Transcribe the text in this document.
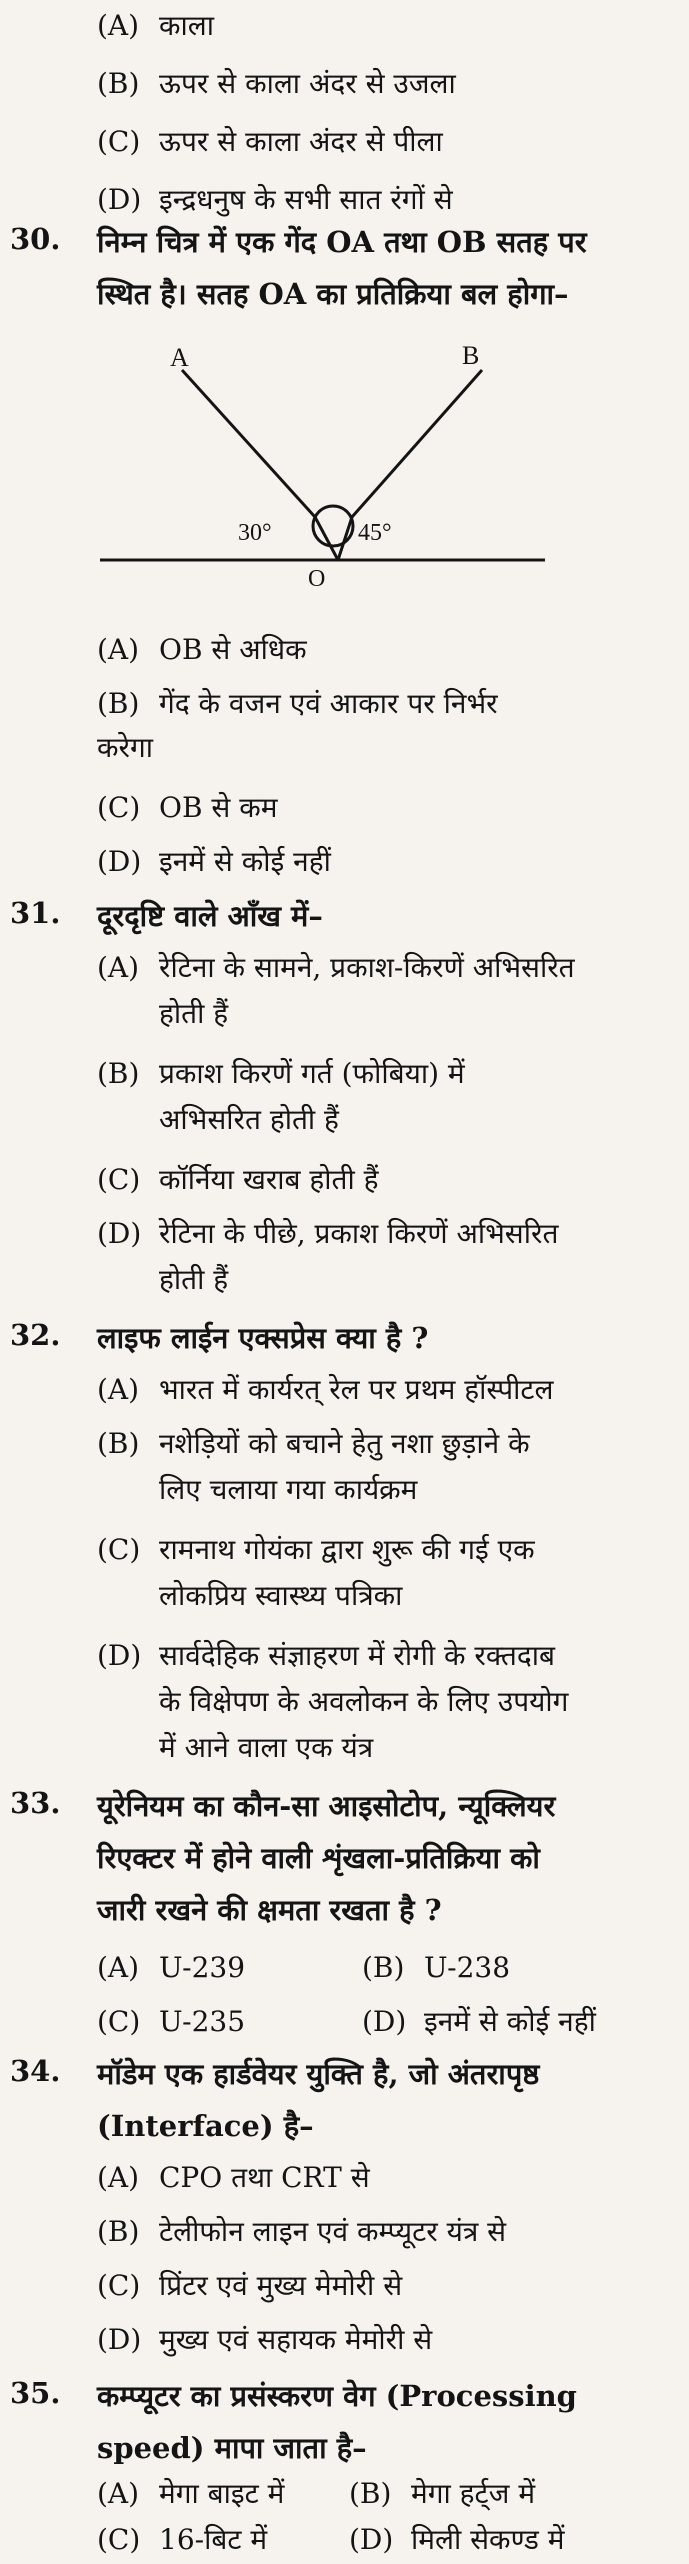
(A) काला
(B) ऊपर से काला अंदर से उजला
(C) ऊपर से काला अंदर से पीला
(D) इन्द्रधनुष के सभी सात रंगों से
30. निम्न चित्र में एक गेंद OA तथा OB सतह पर
स्थित है। सतह OA का प्रतिक्रिया बल होगा–
A	B
30°	45°
O
(A) OB से अधिक
(B) गेंद के वजन एवं आकार पर निर्भर
करेगा
(C) OB से कम
(D) इनमें से कोई नहीं
31. दूरदृष्टि वाले आँख में–
(A) रेटिना के सामने, प्रकाश-किरणें अभिसरित
होती हैं
(B) प्रकाश किरणें गर्त (फोबिया) में
अभिसरित होती हैं
(C) कॉर्निया खराब होती हैं
(D) रेटिना के पीछे, प्रकाश किरणें अभिसरित
होती हैं
32. लाइफ लाईन एक्सप्रेस क्या है ?
(A) भारत में कार्यरत् रेल पर प्रथम हॉस्पीटल
(B) नशेड़ियों को बचाने हेतु नशा छुड़ाने के
लिए चलाया गया कार्यक्रम
(C) रामनाथ गोयंका द्वारा शुरू की गई एक
लोकप्रिय स्वास्थ्य पत्रिका
(D) सार्वदेहिक संज्ञाहरण में रोगी के रक्तदाब
के विक्षेपण के अवलोकन के लिए उपयोग
में आने वाला एक यंत्र
33. यूरेनियम का कौन-सा आइसोटोप, न्यूक्लियर
रिएक्टर में होने वाली शृंखला-प्रतिक्रिया को
जारी रखने की क्षमता रखता है ?
(A) U-239	(B) U-238
(C) U-235	(D) इनमें से कोई नहीं
34. मॉडेम एक हार्डवेयर युक्ति है, जो अंतरापृष्ठ
(Interface) है–
(A) CPO तथा CRT से
(B) टेलीफोन लाइन एवं कम्प्यूटर यंत्र से
(C) प्रिंटर एवं मुख्य मेमोरी से
(D) मुख्य एवं सहायक मेमोरी से
35. कम्प्यूटर का प्रसंस्करण वेग (Processing
speed) मापा जाता है–
(A) मेगा बाइट में (B) मेगा हर्ट्ज में
(C) 16-बिट में	(D) मिली सेकण्ड में
